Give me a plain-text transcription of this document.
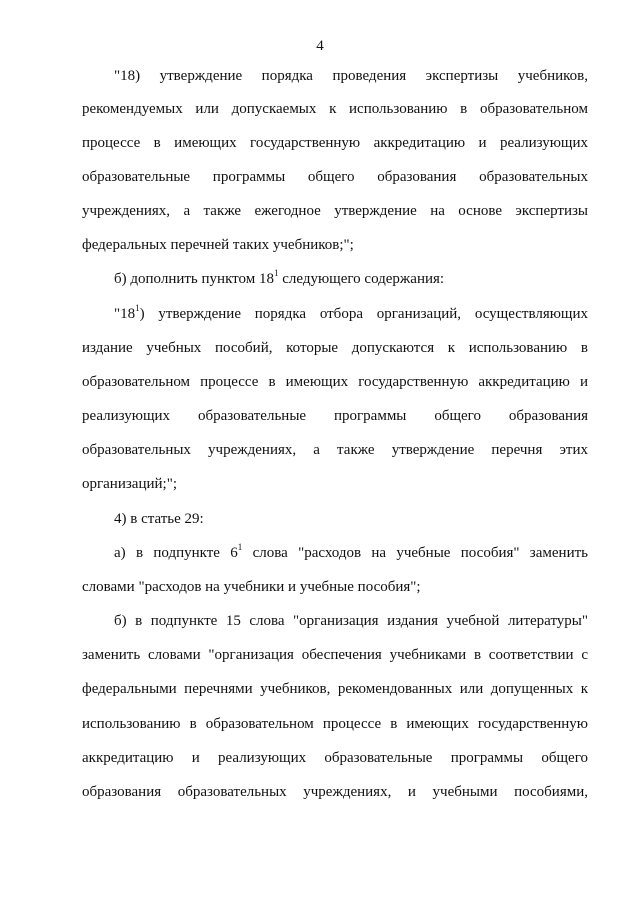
4
"18) утверждение порядка проведения экспертизы учебников,
рекомендуемых или допускаемых к использованию в образовательном
процессе в имеющих государственную аккредитацию и реализующих
образовательные программы общего образования образовательных
учреждениях, а также ежегодное утверждение на основе экспертизы
федеральных перечней таких учебников;";
б) дополнить пунктом $18^1$ следующего содержания:
"$18^1$) утверждение порядка отбора организаций, осуществляющих
издание учебных пособий, которые допускаются к использованию в
образовательном процессе в имеющих государственную аккредитацию и
реализующих образовательные программы общего образования
образовательных учреждениях, а также утверждение перечня этих
организаций;";
4) в статье 29:
а) в подпункте $6^1$ слова "расходов на учебные пособия" заменить
словами "расходов на учебники и учебные пособия";
б) в подпункте 15 слова "организация издания учебной литературы"
заменить словами "организация обеспечения учебниками в соответствии с
федеральными перечнями учебников, рекомендованных или допущенных к
использованию в образовательном процессе в имеющих государственную
аккредитацию и реализующих образовательные программы общего
образования образовательных учреждениях, и учебными пособиями,
